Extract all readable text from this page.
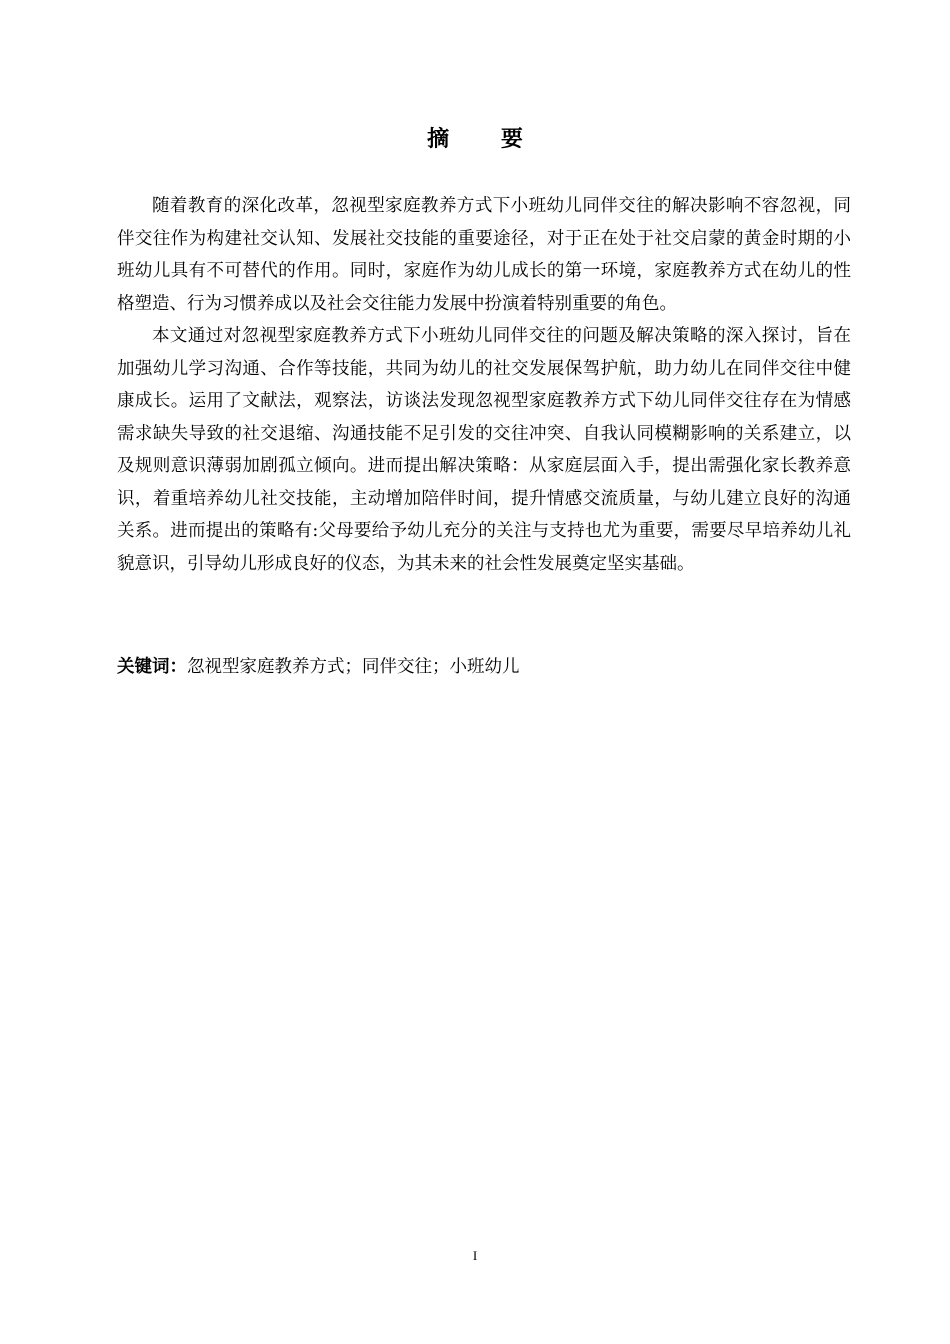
摘 要

随着教育的深化改革，忽视型家庭教养方式下小班幼儿同伴交往的解决影响不容忽视，同伴交往作为构建社交认知、发展社交技能的重要途径，对于正在处于社交启蒙的黄金时期的小班幼儿具有不可替代的作用。同时，家庭作为幼儿成长的第一环境，家庭教养方式在幼儿的性格塑造、行为习惯养成以及社会交往能力发展中扮演着特别重要的角色。

本文通过对忽视型家庭教养方式下小班幼儿同伴交往的问题及解决策略的深入探讨，旨在加强幼儿学习沟通、合作等技能，共同为幼儿的社交发展保驾护航，助力幼儿在同伴交往中健康成长。运用了文献法，观察法，访谈法发现忽视型家庭教养方式下幼儿同伴交往存在为情感需求缺失导致的社交退缩、沟通技能不足引发的交往冲突、自我认同模糊影响的关系建立，以及规则意识薄弱加剧孤立倾向。进而提出解决策略：从家庭层面入手，提出需强化家长教养意识，着重培养幼儿社交技能，主动增加陪伴时间，提升情感交流质量，与幼儿建立良好的沟通关系。进而提出的策略有:父母要给予幼儿充分的关注与支持也尤为重要，需要尽早培养幼儿礼貌意识，引导幼儿形成良好的仪态，为其未来的社会性发展奠定坚实基础。

关键词：忽视型家庭教养方式；同伴交往；小班幼儿
I
